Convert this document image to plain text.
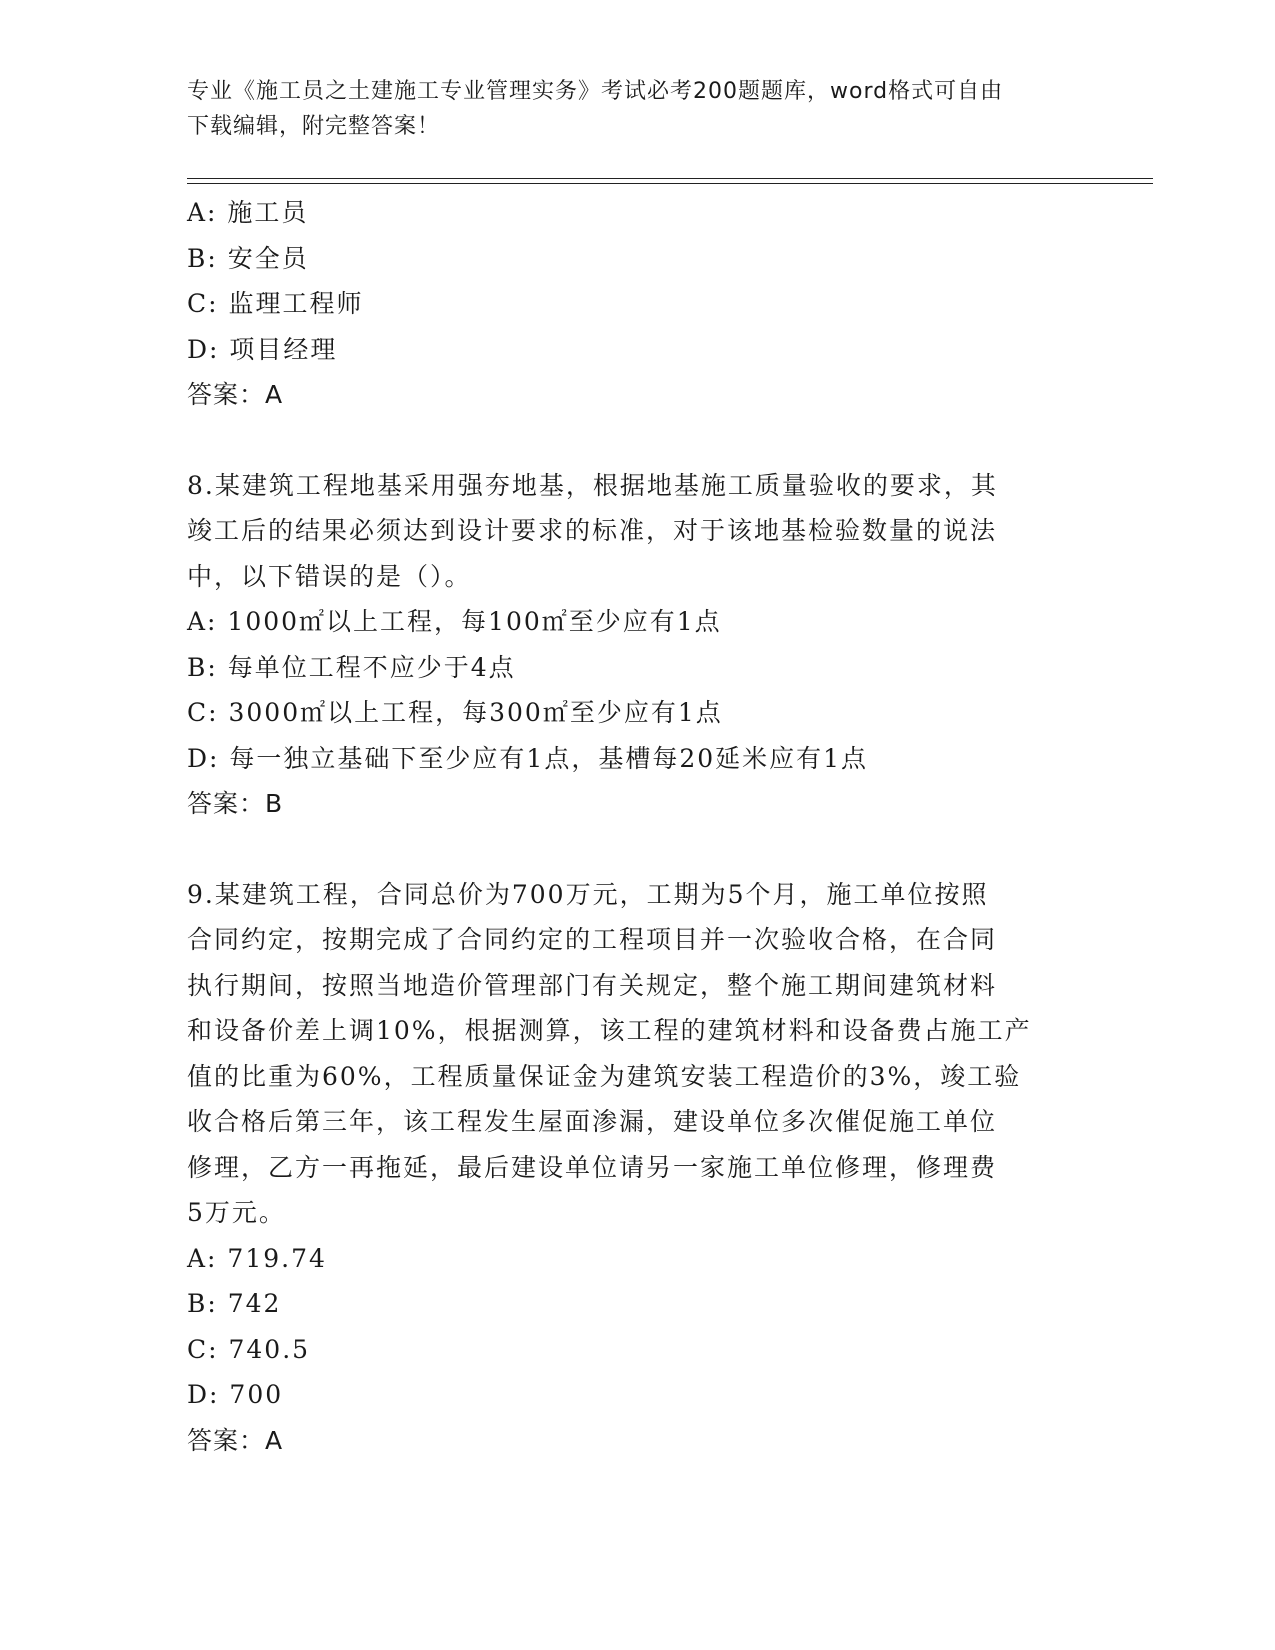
专业《施工员之土建施工专业管理实务》考试必考200题题库，word格式可自由
下载编辑，附完整答案！
A: 施工员
B: 安全员
C: 监理工程师
D: 项目经理
答案：A
8.某建筑工程地基采用强夯地基，根据地基施工质量验收的要求，其
竣工后的结果必须达到设计要求的标准，对于该地基检验数量的说法
中，以下错误的是（）。
A: 1000㎡以上工程，每100㎡至少应有1点
B: 每单位工程不应少于4点
C: 3000㎡以上工程，每300㎡至少应有1点
D: 每一独立基础下至少应有1点，基槽每20延米应有1点
答案：B
9.某建筑工程，合同总价为700万元，工期为5个月，施工单位按照
合同约定，按期完成了合同约定的工程项目并一次验收合格，在合同
执行期间，按照当地造价管理部门有关规定，整个施工期间建筑材料
和设备价差上调10%，根据测算，该工程的建筑材料和设备费占施工产
值的比重为60%，工程质量保证金为建筑安装工程造价的3%，竣工验
收合格后第三年，该工程发生屋面渗漏，建设单位多次催促施工单位
修理，乙方一再拖延，最后建设单位请另一家施工单位修理，修理费
5万元。
A: 719.74
B: 742
C: 740.5
D: 700
答案：A
